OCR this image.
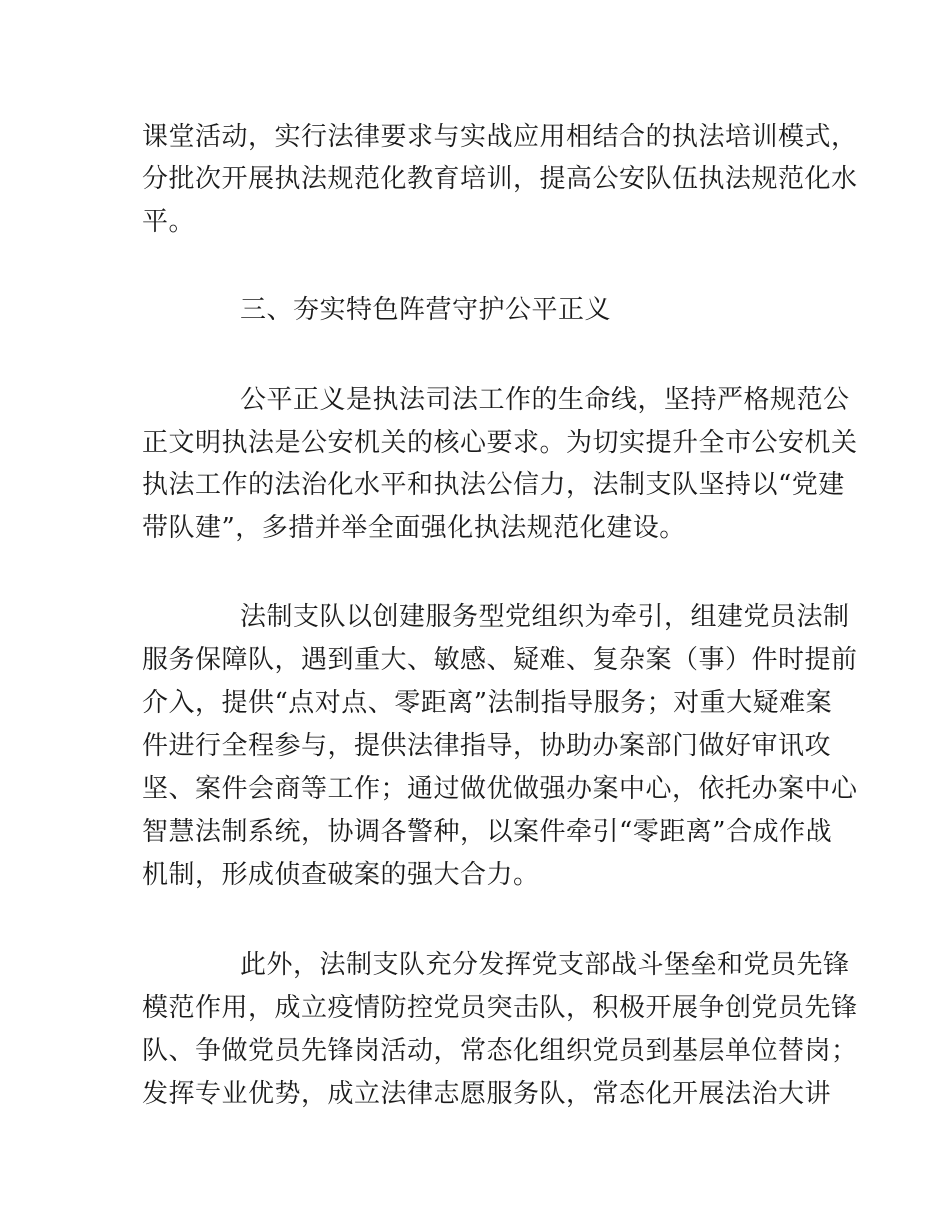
课堂活动，实行法律要求与实战应用相结合的执法培训模式，
分批次开展执法规范化教育培训，提高公安队伍执法规范化水
平。
三、夯实特色阵营守护公平正义
公平正义是执法司法工作的生命线，坚持严格规范公
正文明执法是公安机关的核心要求。为切实提升全市公安机关
执法工作的法治化水平和执法公信力，法制支队坚持以“党建
带队建”，多措并举全面强化执法规范化建设。
法制支队以创建服务型党组织为牵引，组建党员法制
服务保障队，遇到重大、敏感、疑难、复杂案（事）件时提前
介入，提供“点对点、零距离”法制指导服务；对重大疑难案
件进行全程参与，提供法律指导，协助办案部门做好审讯攻
坚、案件会商等工作；通过做优做强办案中心，依托办案中心
智慧法制系统，协调各警种，以案件牵引“零距离”合成作战
机制，形成侦查破案的强大合力。
此外，法制支队充分发挥党支部战斗堡垒和党员先锋
模范作用，成立疫情防控党员突击队，积极开展争创党员先锋
队、争做党员先锋岗活动，常态化组织党员到基层单位替岗；
发挥专业优势，成立法律志愿服务队，常态化开展法治大讲
